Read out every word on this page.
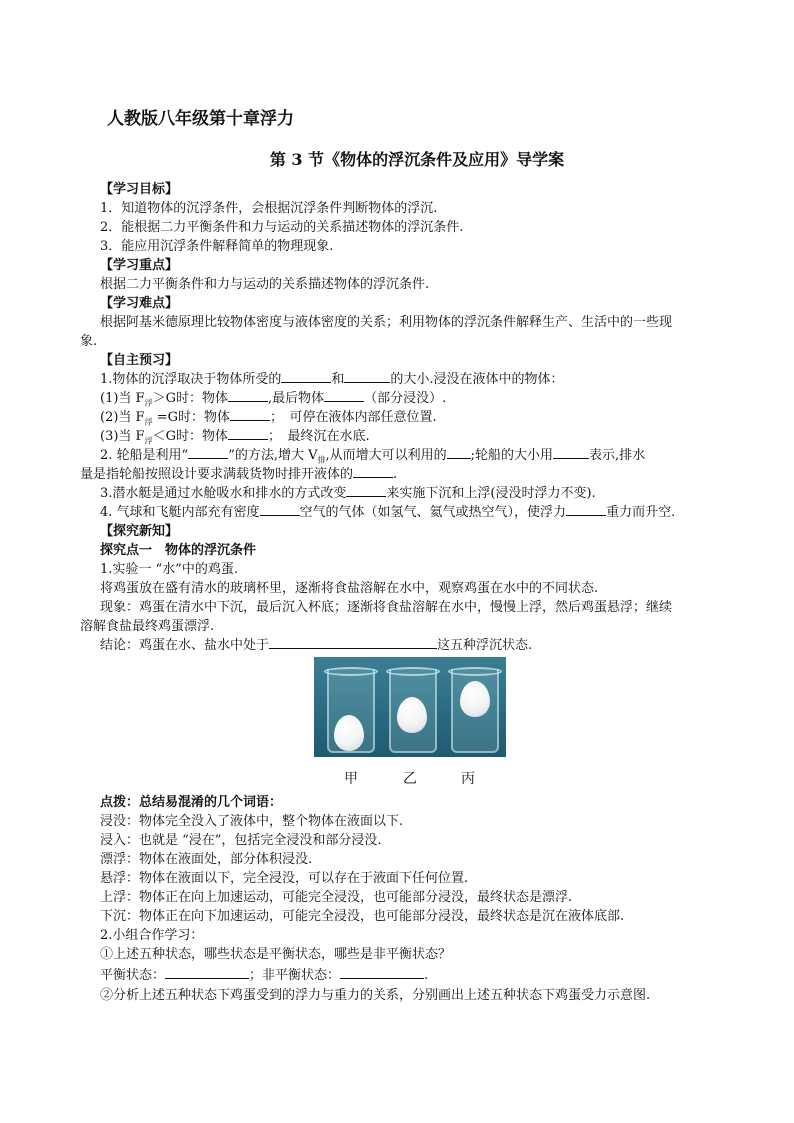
人教版八年级第十章浮力
第 3 节《物体的浮沉条件及应用》导学案
【学习目标】
1．知道物体的沉浮条件，会根据沉浮条件判断物体的浮沉.
2．能根据二力平衡条件和力与运动的关系描述物体的浮沉条件.
3．能应用沉浮条件解释简单的物理现象.
【学习重点】
根据二力平衡条件和力与运动的关系描述物体的浮沉条件.
【学习难点】
根据阿基米德原理比较物体密度与液体密度的关系；利用物体的浮沉条件解释生产、生活中的一些现
象.
【自主预习】
1.物体的沉浮取决于物体所受的	和	的大小.浸没在液体中的物体：
(1)当 $F_浮>G$时：物体	,最后物体	（部分浸没）.
(2)当 $F_浮 =G$时：物体	；　可停在液体内部任意位置.
(3)当 $F_浮<G$时：物体	；　最终沉在水底.
2. 轮船是利用“	”的方法,增大 $V_排$,从而增大可以利用的 ;轮船的大小用	表示,排水
量是指轮船按照设计要求满载货物时排开液体的	.
3.潜水艇是通过水舱吸水和排水的方式改变	来实施下沉和上浮(浸没时浮力不变).
4. 气球和飞艇内部充有密度	空气的气体（如氢气、氦气或热空气），使浮力	重力而升空.
【探究新知】
探究点一　物体的浮沉条件
1.实验一 “水”中的鸡蛋.
将鸡蛋放在盛有清水的玻璃杯里，逐渐将食盐溶解在水中，观察鸡蛋在水中的不同状态.
现象：鸡蛋在清水中下沉，最后沉入杯底；逐渐将食盐溶解在水中，慢慢上浮，然后鸡蛋悬浮；继续
溶解食盐最终鸡蛋漂浮.
结论：鸡蛋在水、盐水中处于	这五种浮沉状态.
甲	乙	丙
点拨：总结易混淆的几个词语：
浸没：物体完全没入了液体中，整个物体在液面以下.
浸入：也就是 “浸在”，包括完全浸没和部分浸没.
漂浮：物体在液面处，部分体积浸没.
悬浮：物体在液面以下，完全浸没，可以存在于液面下任何位置.
上浮：物体正在向上加速运动，可能完全浸没，也可能部分浸没，最终状态是漂浮.
下沉：物体正在向下加速运动，可能完全浸没，也可能部分浸没，最终状态是沉在液体底部.
2.小组合作学习：
①上述五种状态，哪些状态是平衡状态，哪些是非平衡状态？
平衡状态：	；非平衡状态：	.
②分析上述五种状态下鸡蛋受到的浮力与重力的关系，分别画出上述五种状态下鸡蛋受力示意图.
